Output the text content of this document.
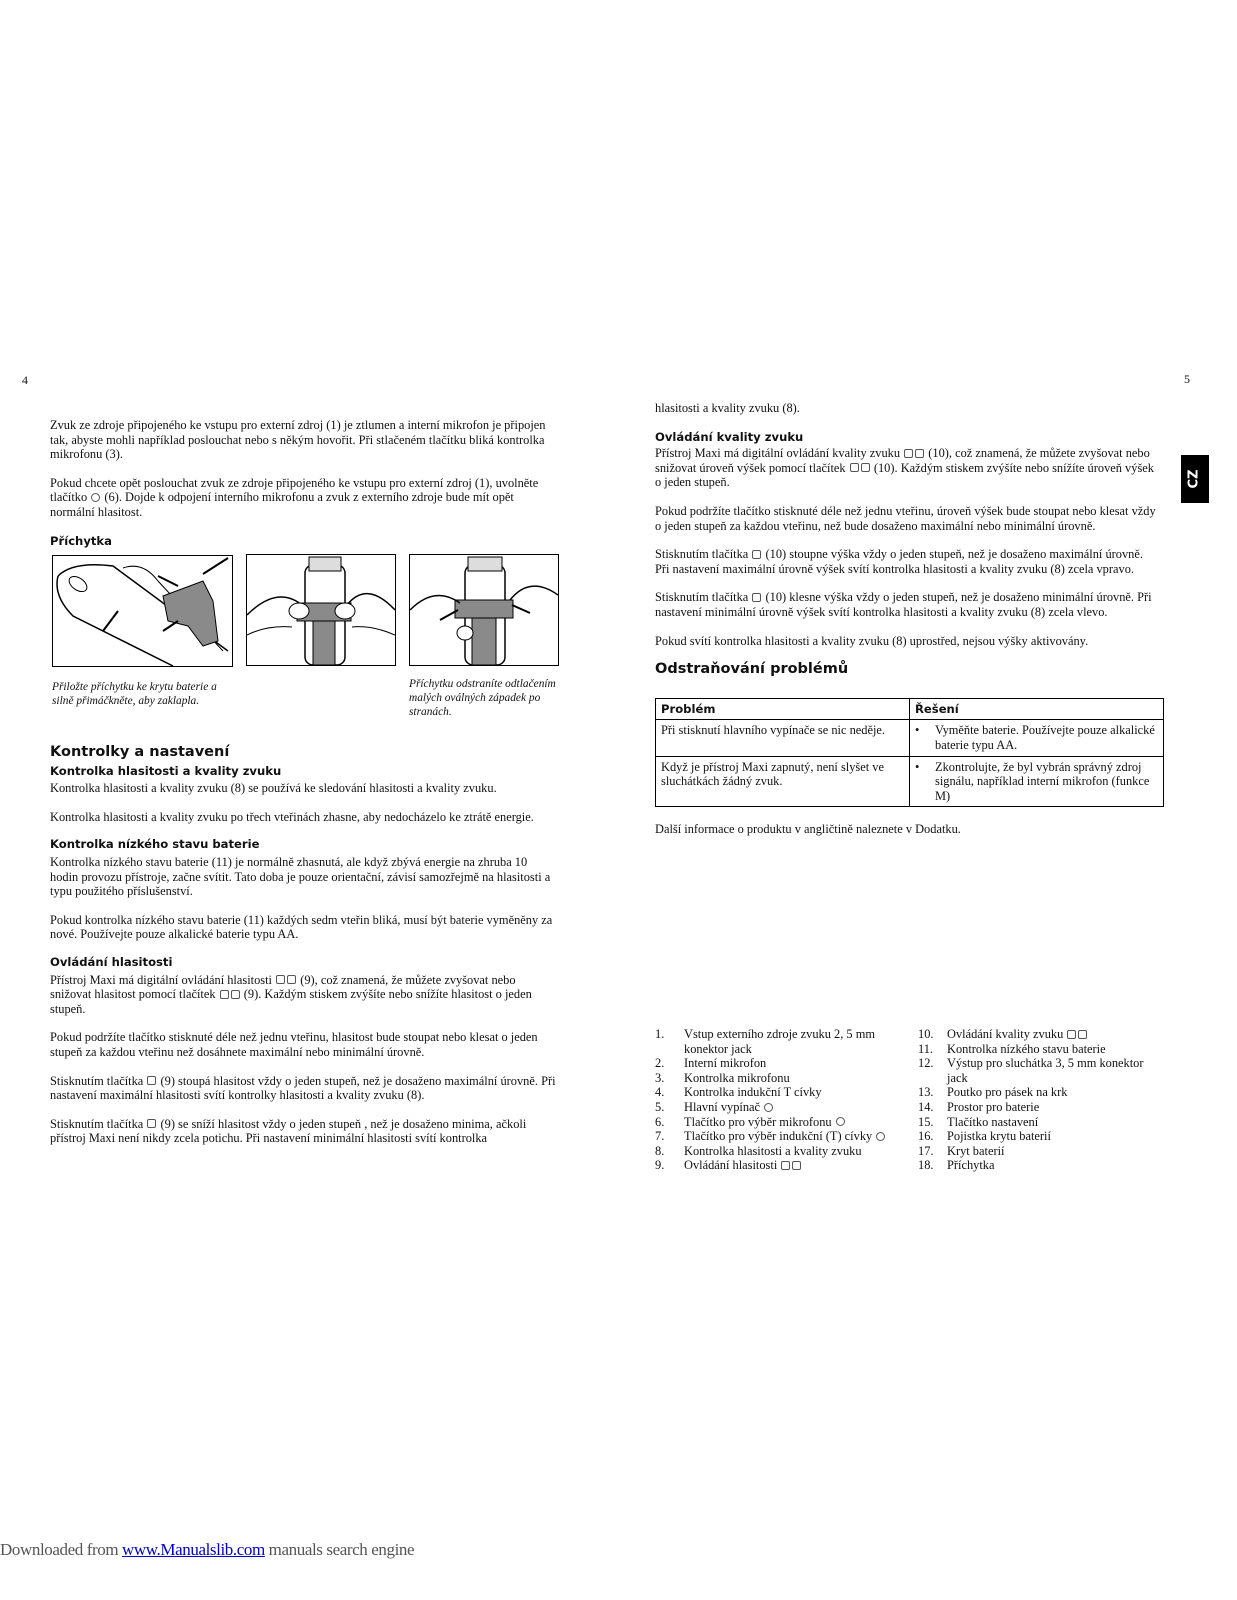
4

Zvuk ze zdroje připojeného ke vstupu pro externí zdroj (1) je ztlumen a interní mikrofon je připojen tak, abyste mohli například poslouchat nebo s někým hovořit. Při stlačeném tlačítku bliká kontrolka mikrofonu (3).

Pokud chcete opět poslouchat zvuk ze zdroje připojeného ke vstupu pro externí zdroj (1), uvolněte tlačítko (6). Dojde k odpojení interního mikrofonu a zvuk z externího zdroje bude mít opět normální hlasitost.

Příchytka

Přiložte příchytku ke krytu baterie a silně přimáčkněte, aby zaklapla.
Příchytku odstraníte odtlačením malých oválných západek po stranách.

Kontrolky a nastavení

Kontrolka hlasitosti a kvality zvuku

Kontrolka hlasitosti a kvality zvuku (8) se používá ke sledování hlasitosti a kvality zvuku.

Kontrolka hlasitosti a kvality zvuku po třech vteřinách zhasne, aby nedocházelo ke ztrátě energie.

Kontrolka nízkého stavu baterie

Kontrolka nízkého stavu baterie (11) je normálně zhasnutá, ale když zbývá energie na zhruba 10 hodin provozu přístroje, začne svítit. Tato doba je pouze orientační, závisí samozřejmě na hlasitosti a typu použitého příslušenství.

Pokud kontrolka nízkého stavu baterie (11) každých sedm vteřin bliká, musí být baterie vyměněny za nové. Používejte pouze alkalické baterie typu AA.

Ovládání hlasitosti

Přístroj Maxi má digitální ovládání hlasitosti (9), což znamená, že můžete zvyšovat nebo snižovat hlasitost pomocí tlačítek (9). Každým stiskem zvýšíte nebo snížíte hlasitost o jeden stupeň.

Pokud podržíte tlačítko stisknuté déle než jednu vteřinu, hlasitost bude stoupat nebo klesat o jeden stupeň za každou vteřinu než dosáhnete maximální nebo minimální úrovně.

Stisknutím tlačítka (9) stoupá hlasitost vždy o jeden stupeň, než je dosaženo maximální úrovně. Při nastavení maximální hlasitosti svítí kontrolky hlasitosti a kvality zvuku (8).

Stisknutím tlačítka (9) se sníží hlasitost vždy o jeden stupeň , než je dosaženo minima, ačkoli přístroj Maxi není nikdy zcela potichu. Při nastavení minimální hlasitosti svítí kontrolka

5
CZ

hlasitosti a kvality zvuku (8).

Ovládání kvality zvuku

Přístroj Maxi má digitální ovládání kvality zvuku (10), což znamená, že můžete zvyšovat nebo snižovat úroveň výšek pomocí tlačítek (10). Každým stiskem zvýšíte nebo snížíte úroveň výšek o jeden stupeň.

Pokud podržíte tlačítko stisknuté déle než jednu vteřinu, úroveň výšek bude stoupat nebo klesat vždy o jeden stupeň za každou vteřinu, než bude dosaženo maximální nebo minimální úrovně.

Stisknutím tlačítka (10) stoupne výška vždy o jeden stupeň, než je dosaženo maximální úrovně. Při nastavení maximální úrovně výšek svítí kontrolka hlasitosti a kvality zvuku (8) zcela vpravo.

Stisknutím tlačítka (10) klesne výška vždy o jeden stupeň, než je dosaženo minimální úrovně. Při nastavení minimální úrovně výšek svítí kontrolka hlasitosti a kvality zvuku (8) zcela vlevo.

Pokud svítí kontrolka hlasitosti a kvality zvuku (8) uprostřed, nejsou výšky aktivovány.

Odstraňování problémů

Problém	Řešení
Při stisknutí hlavního vypínače se nic neděje.	• Vyměňte baterie. Používejte pouze alkalické baterie typu AA.

Když je přístroj Maxi zapnutý, není slyšet ve sluchátkách žádný zvuk.	• Zkontrolujte, že byl vybrán správný zdroj signálu, například interní mikrofon (funkce M)

Další informace o produktu v angličtině naleznete v Dodatku.

1.	Vstup externího zdroje zvuku 2, 5 mm konektor jack
2.	Interní mikrofon
3.	Kontrolka mikrofonu
4.	Kontrolka indukční T cívky
5.	Hlavní vypínač
6.	Tlačítko pro výběr mikrofonu
7.	Tlačítko pro výběr indukční (T) cívky
8.	Kontrolka hlasitosti a kvality zvuku
9.	Ovládání hlasitosti
10.	Ovládání kvality zvuku
11.	Kontrolka nízkého stavu baterie
12.	Výstup pro sluchátka 3, 5 mm konektor jack
13.	Poutko pro pásek na krk
14.	Prostor pro baterie
15.	Tlačítko nastavení
16.	Pojistka krytu baterií
17.	Kryt baterií
18.	Příchytka
Downloaded from www.Manualslib.com manuals search engine
